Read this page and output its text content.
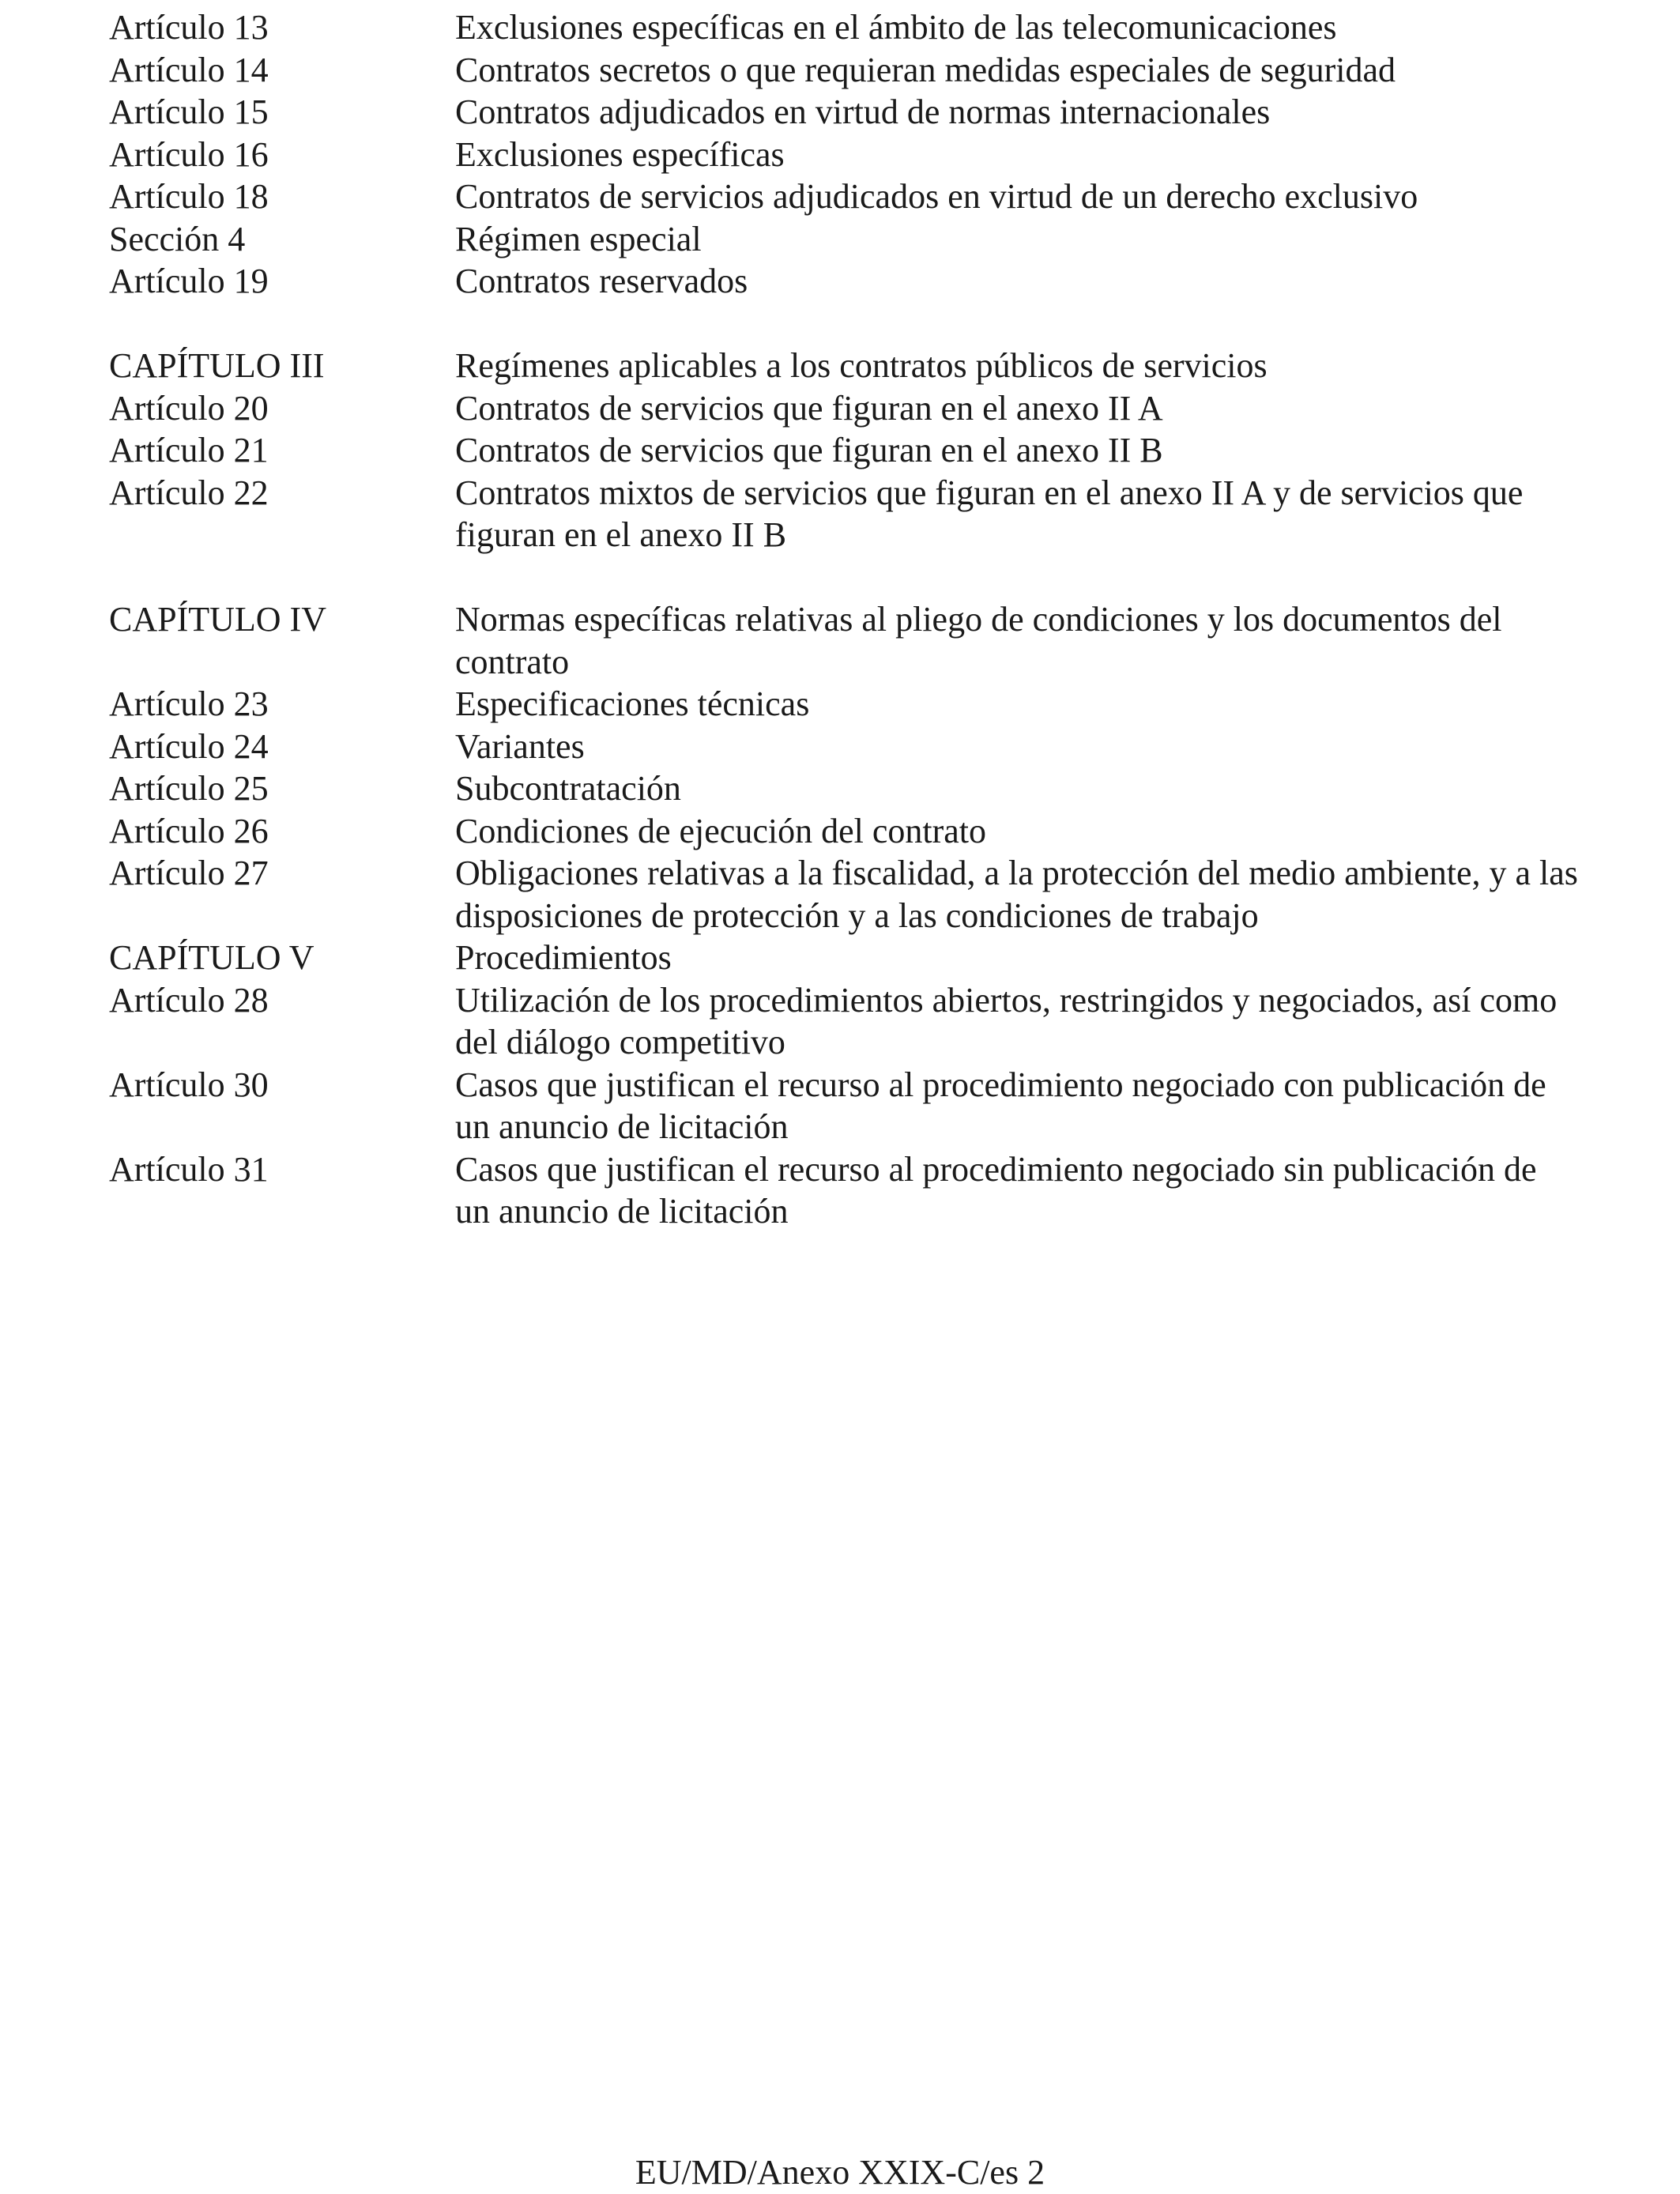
Artículo 13	Exclusiones específicas en el ámbito de las telecomunicaciones
Artículo 14	Contratos secretos o que requieran medidas especiales de seguridad
Artículo 15	Contratos adjudicados en virtud de normas internacionales
Artículo 16	Exclusiones específicas
Artículo 18	Contratos de servicios adjudicados en virtud de un derecho exclusivo
Sección 4	Régimen especial
Artículo 19	Contratos reservados
CAPÍTULO III	Regímenes aplicables a los contratos públicos de servicios
Artículo 20	Contratos de servicios que figuran en el anexo II A
Artículo 21	Contratos de servicios que figuran en el anexo II B
Artículo 22	Contratos mixtos de servicios que figuran en el anexo II A y de servicios que figuran en el anexo II B
CAPÍTULO IV	Normas específicas relativas al pliego de condiciones y los documentos del contrato
Artículo 23	Especificaciones técnicas
Artículo 24	Variantes
Artículo 25	Subcontratación
Artículo 26	Condiciones de ejecución del contrato
Artículo 27	Obligaciones relativas a la fiscalidad, a la protección del medio ambiente, y a las disposiciones de protección y a las condiciones de trabajo
CAPÍTULO V	Procedimientos
Artículo 28	Utilización de los procedimientos abiertos, restringidos y negociados, así como del diálogo competitivo
Artículo 30	Casos que justifican el recurso al procedimiento negociado con publicación de un anuncio de licitación
Artículo 31	Casos que justifican el recurso al procedimiento negociado sin publicación de un anuncio de licitación
EU/MD/Anexo XXIX-C/es 2
